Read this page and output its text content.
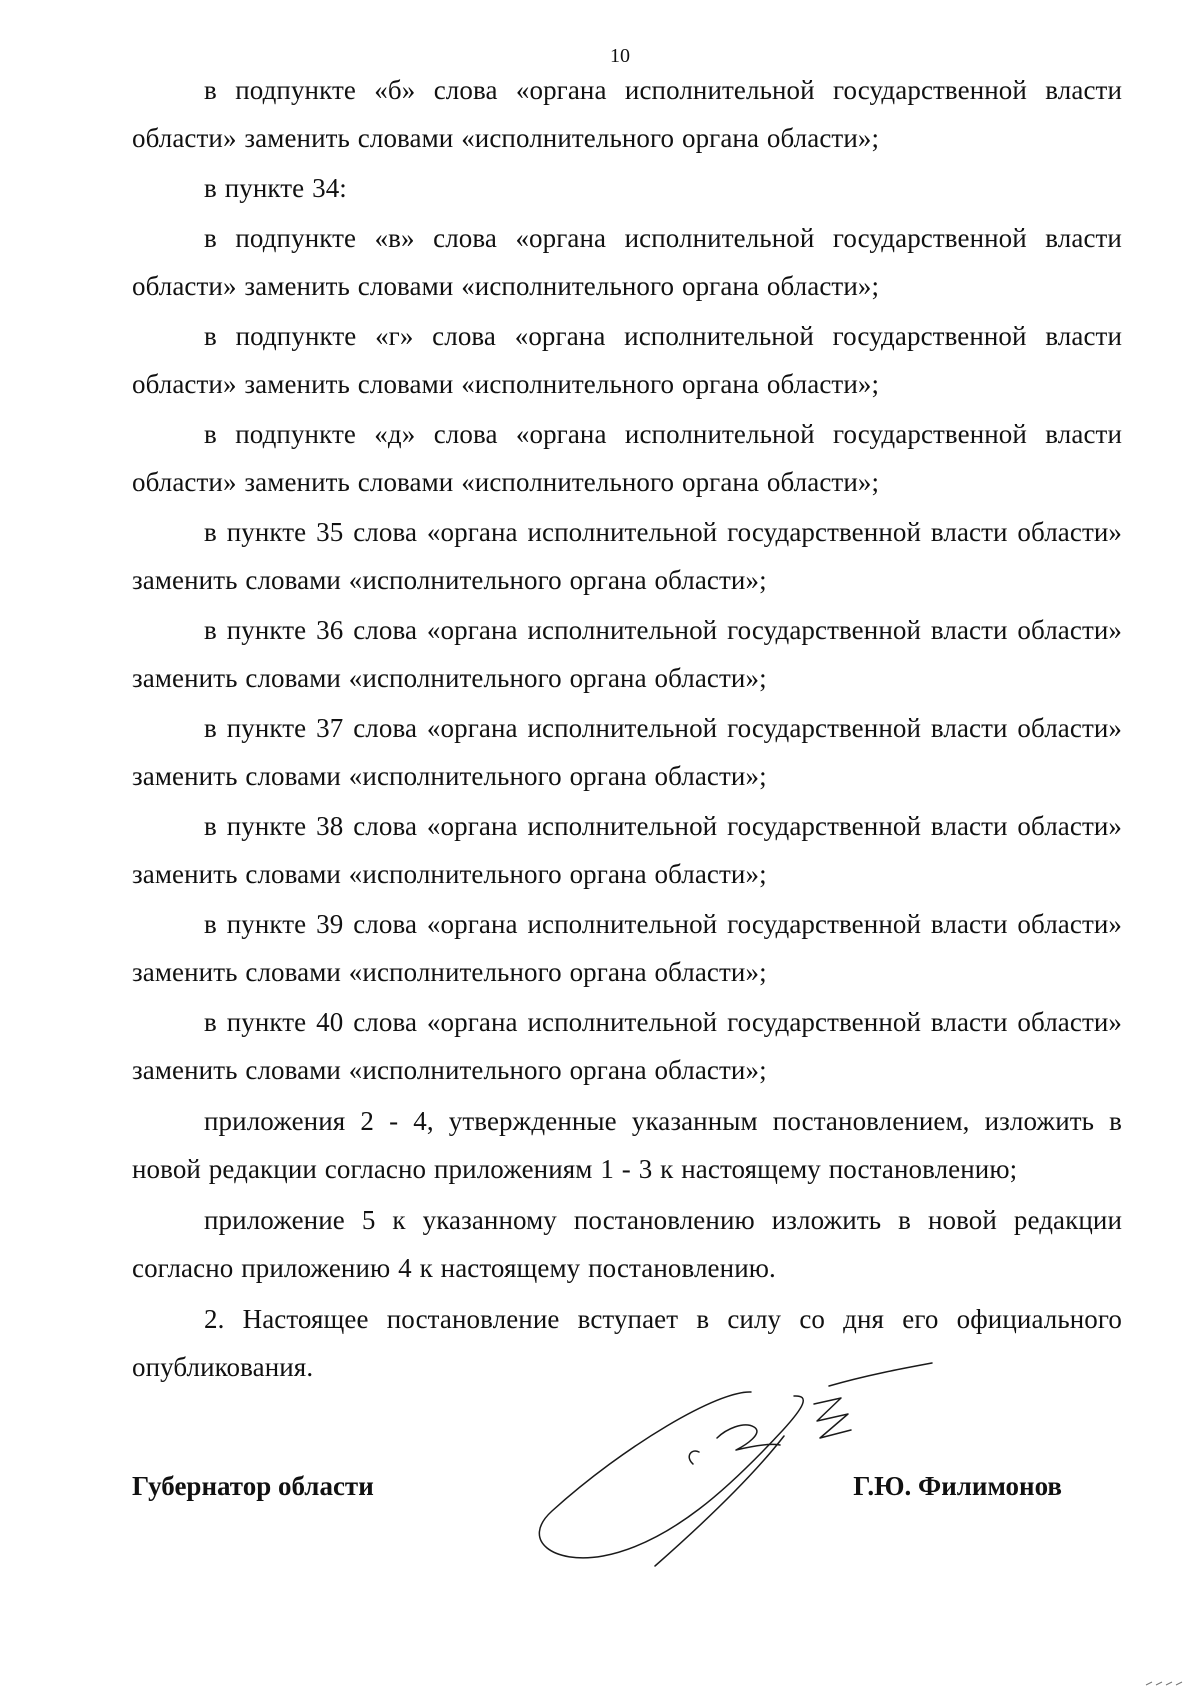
10

в подпункте «б» слова «органа исполнительной государственной власти области» заменить словами «исполнительного органа области»;

в пункте 34:

в подпункте «в» слова «органа исполнительной государственной власти области» заменить словами «исполнительного органа области»;

в подпункте «г» слова «органа исполнительной государственной власти области» заменить словами «исполнительного органа области»;

в подпункте «д» слова «органа исполнительной государственной власти области» заменить словами «исполнительного органа области»;

в пункте 35 слова «органа исполнительной государственной власти области» заменить словами «исполнительного органа области»;

в пункте 36 слова «органа исполнительной государственной власти области» заменить словами «исполнительного органа области»;

в пункте 37 слова «органа исполнительной государственной власти области» заменить словами «исполнительного органа области»;

в пункте 38 слова «органа исполнительной государственной власти области» заменить словами «исполнительного органа области»;

в пункте 39 слова «органа исполнительной государственной власти области» заменить словами «исполнительного органа области»;

в пункте 40 слова «органа исполнительной государственной власти области» заменить словами «исполнительного органа области»;

приложения 2 - 4, утвержденные указанным постановлением, изложить в новой редакции согласно приложениям 1 - 3 к настоящему постановлению;

приложение 5 к указанному постановлению изложить в новой редакции согласно приложению 4 к настоящему постановлению.

2. Настоящее постановление вступает в силу со дня его официального опубликования.

Губернатор области	Г.Ю. Филимонов
